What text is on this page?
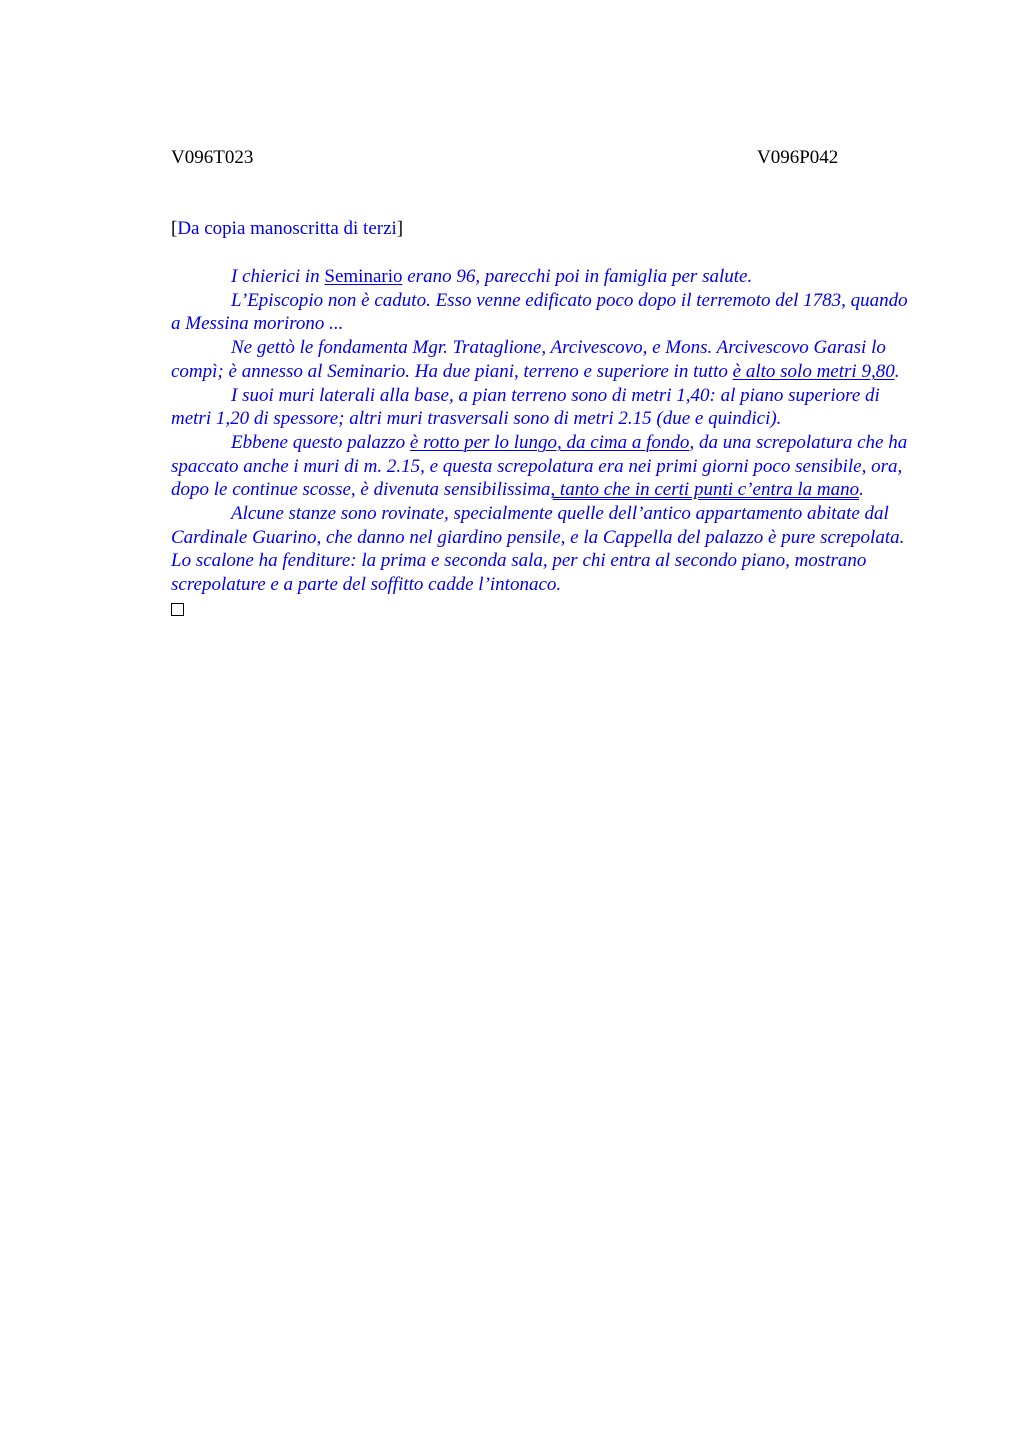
V096T023	V096P042
[Da copia manoscritta di terzi]

I chierici in Seminario erano 96, parecchi poi in famiglia per salute.

L’Episcopio non è caduto. Esso venne edificato poco dopo il terremoto del 1783, quando a Messina morirono ...

Ne gettò le fondamenta Mgr. Trataglione, Arcivescovo, e Mons. Arcivescovo Garasi lo compì; è annesso al Seminario. Ha due piani, terreno e superiore in tutto è alto solo metri 9,80.

I suoi muri laterali alla base, a pian terreno sono di metri 1,40: al piano superiore di metri 1,20 di spessore; altri muri trasversali sono di metri 2.15 (due e quindici).

Ebbene questo palazzo è rotto per lo lungo, da cima a fondo, da una screpolatura che ha spaccato anche i muri di m. 2.15, e questa screpolatura era nei primi giorni poco sensibile, ora, dopo le continue scosse, è divenuta sensibilissima, tanto che in certi punti c’entra la mano.

Alcune stanze sono rovinate, specialmente quelle dell’antico appartamento abitate dal Cardinale Guarino, che danno nel giardino pensile, e la Cappella del palazzo è pure screpolata. Lo scalone ha fenditure: la prima e seconda sala, per chi entra al secondo piano, mostrano screpolature e a parte del soffitto cadde l’intonaco.
